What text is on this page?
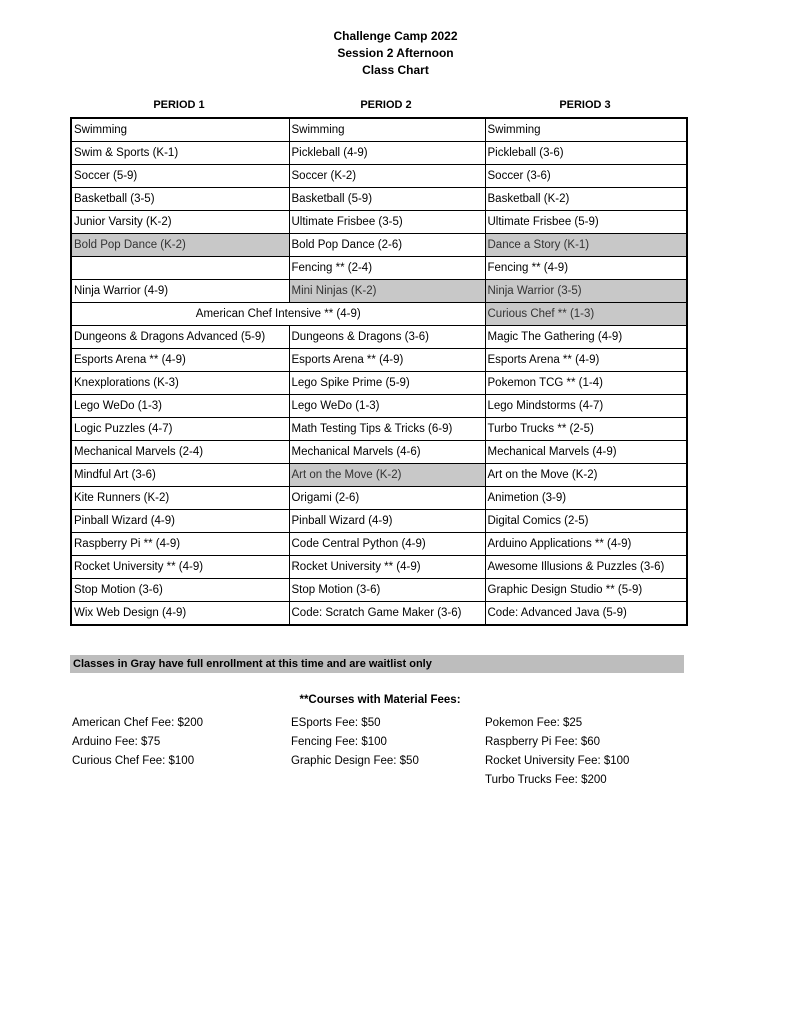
Challenge Camp 2022
Session 2 Afternoon
Class Chart
PERIOD 1	PERIOD 2	PERIOD 3
Swimming	Swimming	Swimming
Swim & Sports (K-1)	Pickleball (4-9)	Pickleball (3-6)
Soccer (5-9)	Soccer (K-2)	Soccer (3-6)
Basketball (3-5)	Basketball (5-9)	Basketball (K-2)
Junior Varsity (K-2)	Ultimate Frisbee (3-5)	Ultimate Frisbee (5-9)
Bold Pop Dance (K-2)	Bold Pop Dance (2-6)	Dance a Story (K-1)
	Fencing ** (2-4)	Fencing ** (4-9)
Ninja Warrior (4-9)	Mini Ninjas (K-2)	Ninja Warrior (3-5)
American Chef Intensive ** (4-9)		Curious Chef ** (1-3)
Dungeons & Dragons Advanced (5-9)	Dungeons & Dragons (3-6)	Magic The Gathering (4-9)
Esports Arena ** (4-9)	Esports Arena ** (4-9)	Esports Arena ** (4-9)
Knexplorations (K-3)	Lego Spike Prime (5-9)	Pokemon TCG ** (1-4)
Lego WeDo (1-3)	Lego WeDo (1-3)	Lego Mindstorms (4-7)
Logic Puzzles (4-7)	Math Testing Tips & Tricks (6-9)	Turbo Trucks ** (2-5)
Mechanical Marvels (2-4)	Mechanical Marvels (4-6)	Mechanical Marvels (4-9)
Mindful Art (3-6)	Art on the Move (K-2)	Art on the Move (K-2)
Kite Runners (K-2)	Origami (2-6)	Animetion (3-9)
Pinball Wizard (4-9)	Pinball Wizard (4-9)	Digital Comics (2-5)
Raspberry Pi ** (4-9)	Code Central Python (4-9)	Arduino Applications ** (4-9)
Rocket University ** (4-9)	Rocket University ** (4-9)	Awesome Illusions & Puzzles (3-6)
Stop Motion (3-6)	Stop Motion (3-6)	Graphic Design Studio ** (5-9)
Wix Web Design (4-9)	Code: Scratch Game Maker (3-6)	Code: Advanced Java (5-9)
Classes in Gray have full enrollment at this time and are waitlist only
**Courses with Material Fees:
American Chef Fee: $200
Arduino Fee: $75
Curious Chef Fee: $100
ESports Fee: $50
Fencing Fee: $100
Graphic Design Fee: $50
Pokemon Fee: $25
Raspberry Pi Fee: $60
Rocket University Fee: $100
Turbo Trucks Fee: $200
